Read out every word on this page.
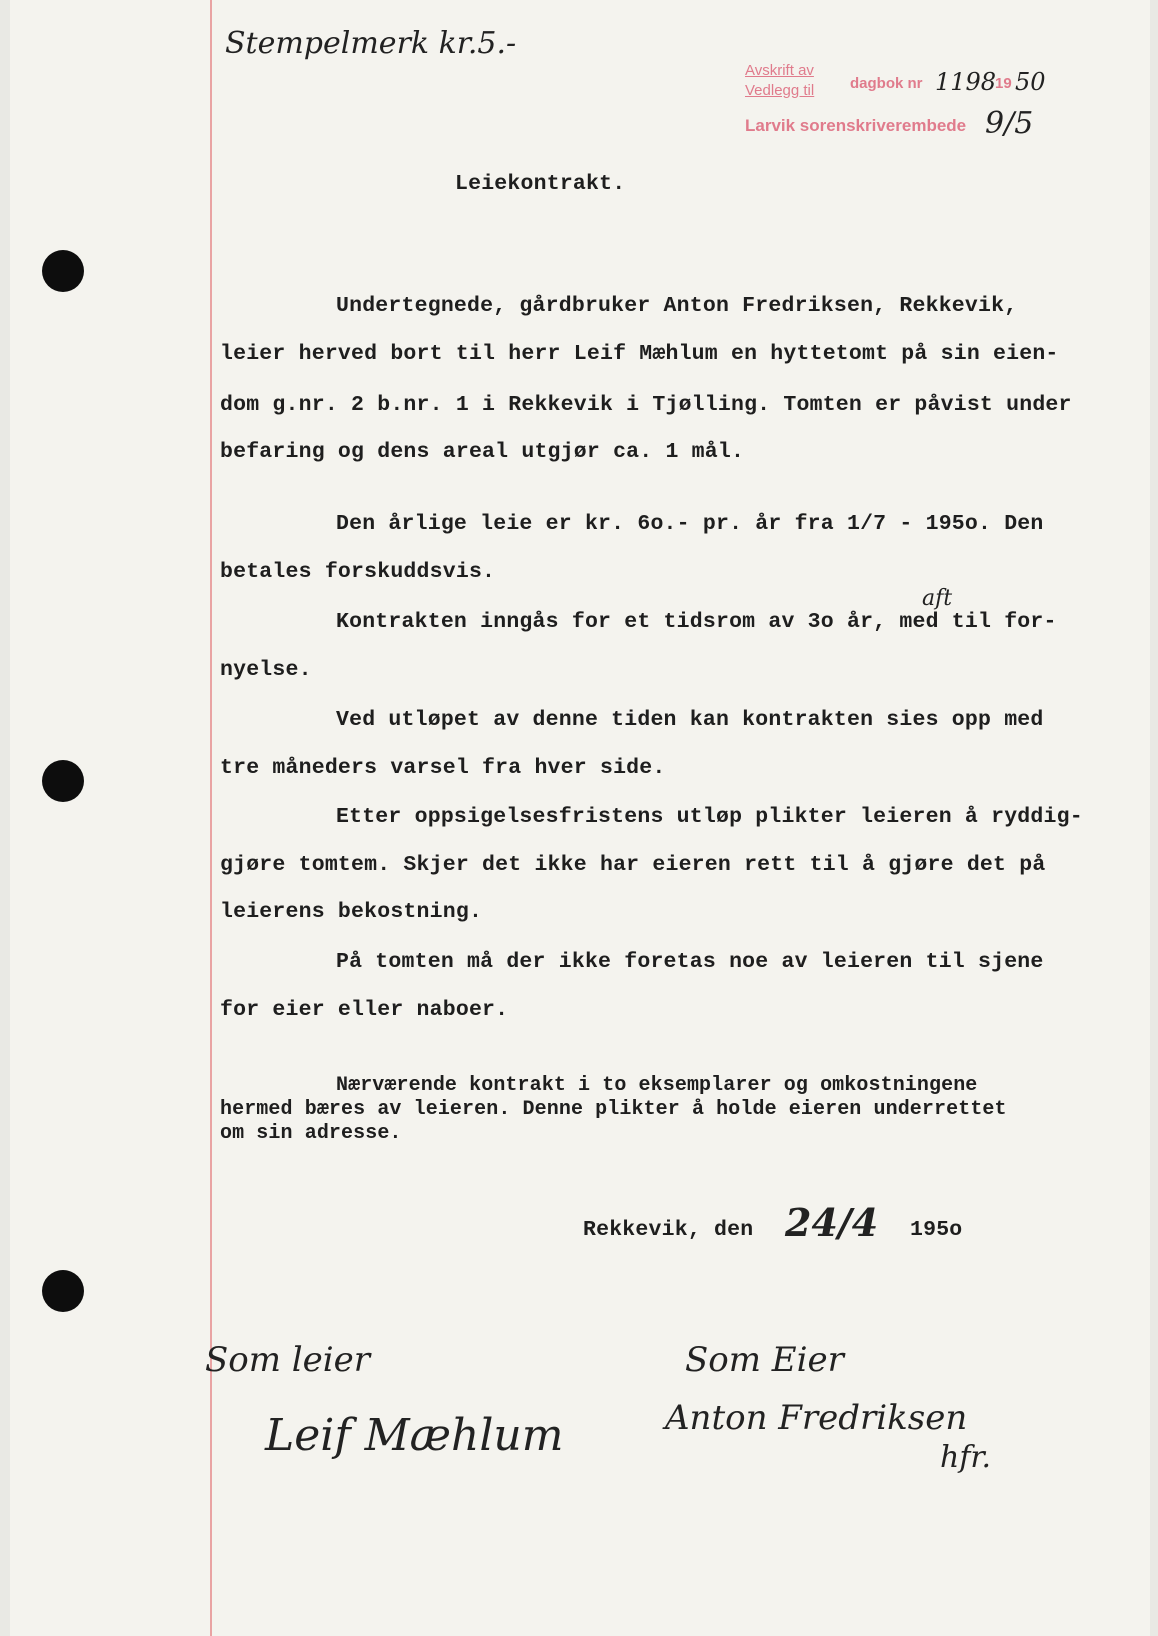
Stempelmerk kr.5.-
Avskrift av
Vedlegg til dagbok nr 1198
19 50
Larvik sorenskriverembede 9/5
Leiekontrakt.
Undertegnede, gårdbruker Anton Fredriksen, Rekkevik,
leier herved bort til herr Leif Mæhlum en hyttetomt på sin eien-
dom g.nr. 2 b.nr. 1 i Rekkevik i Tjølling. Tomten er påvist under
befaring og dens areal utgjør ca. 1 mål.
Den årlige leie er kr. 6o.- pr. år fra 1/7 - 195o. Den
betales forskuddsvis.
aft
Kontrakten inngås for et tidsrom av 3o år, med til for-
nyelse.
Ved utløpet av denne tiden kan kontrakten sies opp med
tre måneders varsel fra hver side.
Etter oppsigelsesfristens utløp plikter leieren å ryddig-
gjøre tomtem. Skjer det ikke har eieren rett til å gjøre det på
leierens bekostning.
På tomten må der ikke foretas noe av leieren til sjene
for eier eller naboer.
Nærværende kontrakt i to eksemplarer og omkostningene
hermed bæres av leieren. Denne plikter å holde eieren underrettet
om sin adresse.
Rekkevik, den 24/4 195o
Som leier
Leif Mæhlum
Som Eier
Anton Fredriksen
hfr.
